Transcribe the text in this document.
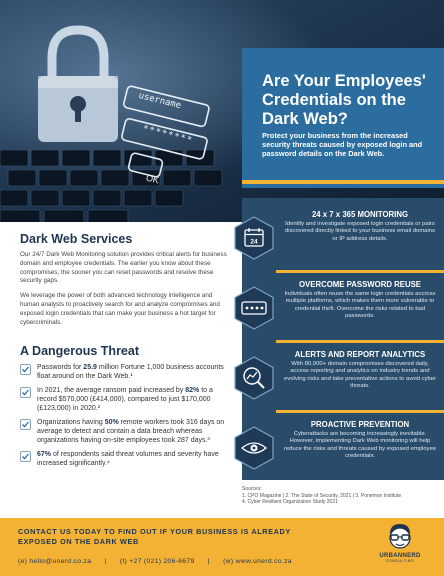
username
********
OK
Are Your Employees' Credentials on the Dark Web?
Protect your business from the increased security threats caused by exposed login and password details on the Dark Web.
Dark Web Services

Our 24/7 Dark Web Monitoring solution provides critical alerts for business domain and employee credentials. The earlier you know about these compromises, the sooner you can reset passwords and resolve these security gaps.

We leverage the power of both advanced technology intelligence and human analysts to proactively search for and analyze compromises and exposed login credentials that can make your business a hot target for cybercriminals.

A Dangerous Threat
Passwords for 25.9 million Fortune 1,000 business accounts float around on the Dark Web.¹
In 2021, the average ransom paid increased by 82% to a record $570,000 (£414,000), compared to just $170,000 (£123,000) in 2020.²
Organizations having 50% remote workers took 316 days on average to detect and contain a data breach whereas organizations having on-site employees took 287 days.³
67% of respondents said threat volumes and severity have increased significantly.⁴
24
24 x 7 x 365 MONITORING
Identify and investigate exposed login credentials or pairs discovered directly linked to your business email domains or IP address details.
OVERCOME PASSWORD REUSE
Individuals often reuse the same login credentials accross multiple platforms, which makes them more vulnerable to credential theft. Overcome the risks related to bad passwords.
ALERTS AND REPORT ANALYTICS
With 80,000+ domain compromises discovered daily, access reporting and analytics on industry trends and evolving risks and take preventative actions to avoid cyber threats.
PROACTIVE PREVENTION
Cyberattacks are becoming increasingly inevitable. However, implementing Dark Web monitoring will help reduce the risks and threats caused by exposed employee credentials.
Sources:
1. CPO Magazine | 2. The State of Security, 2021 | 3. Ponemon Institute
4. Cyber Resilient Organization Study 2021
CONTACT US TODAY TO FIND OUT IF YOUR BUSINESS IS ALREADY EXPOSED ON THE DARK WEB
(e) hello@unerd.co.za | (t) +27 (021) 206-6679 | (w) www.unerd.co.za
URBANNERD
CONSULTING
